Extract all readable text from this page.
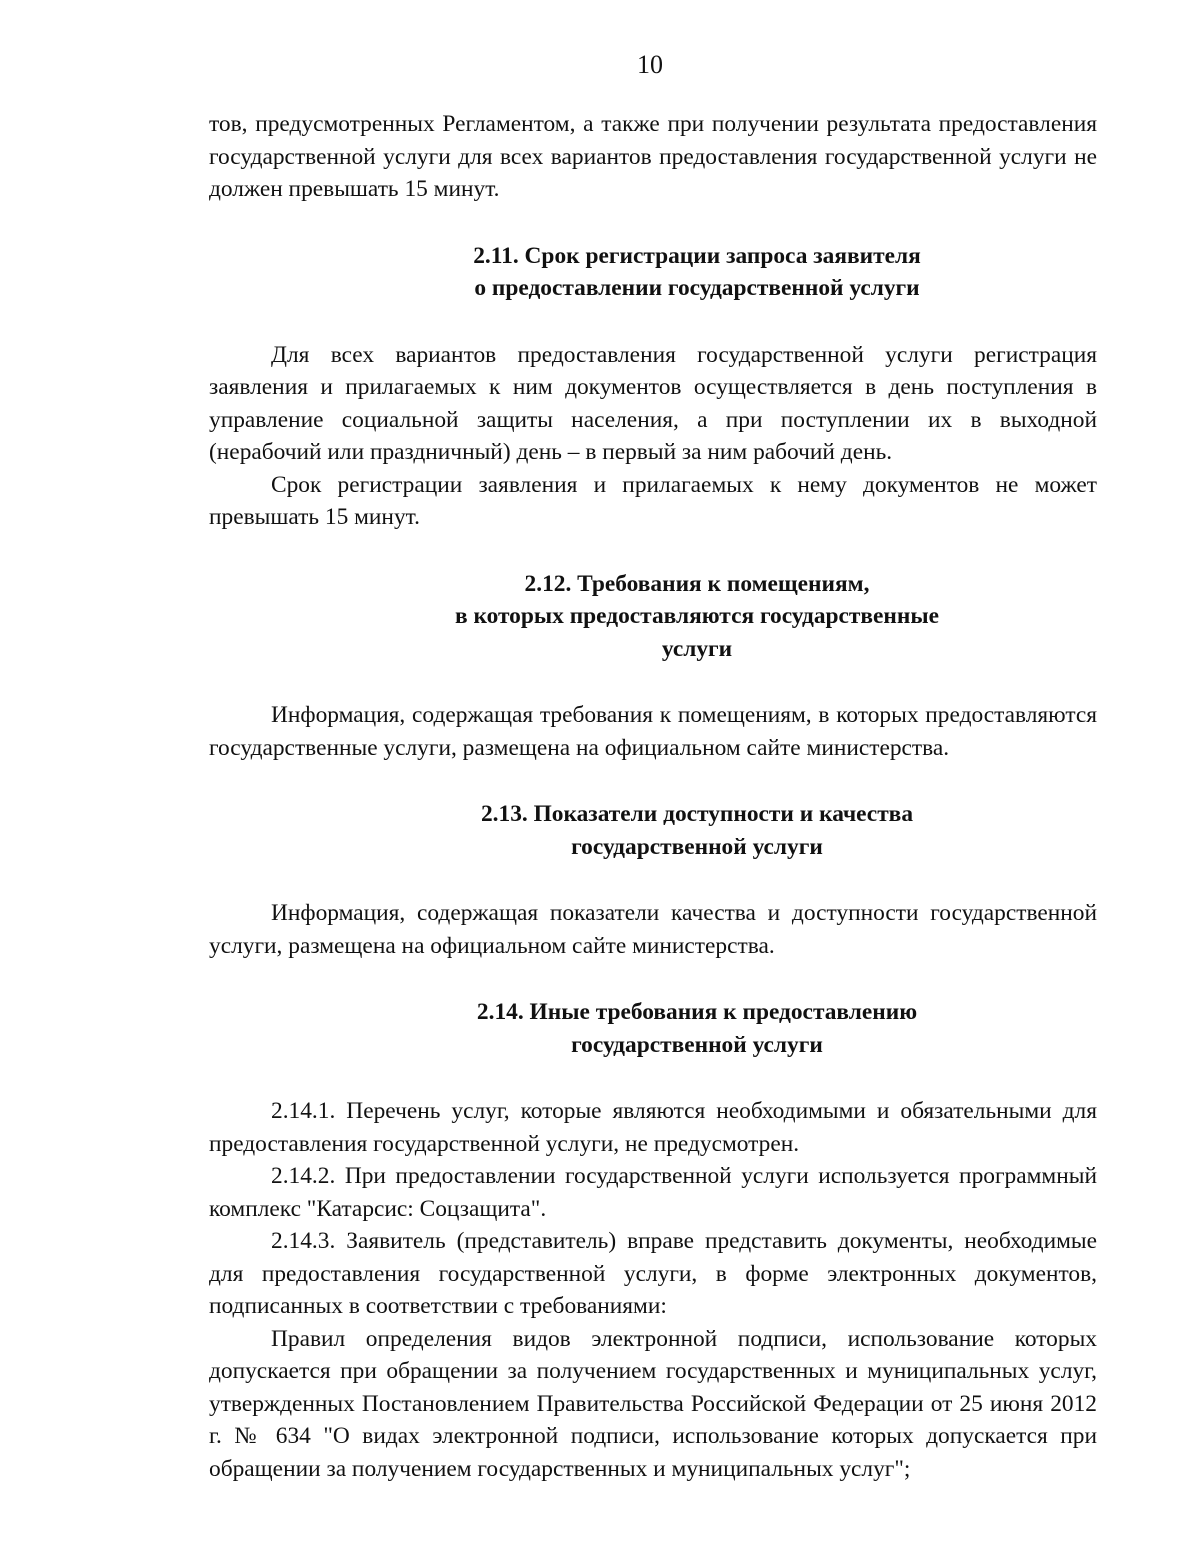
10

тов, предусмотренных Регламентом, а также при получении результата предоставления государственной услуги для всех вариантов предоставления государственной услуги не должен превышать 15 минут.

2.11. Срок регистрации запроса заявителя
о предоставлении государственной услуги

Для всех вариантов предоставления государственной услуги регистрация заявления и прилагаемых к ним документов осуществляется в день поступления в управление социальной защиты населения, а при поступлении их в выходной (нерабочий или праздничный) день – в первый за ним рабочий день.

Срок регистрации заявления и прилагаемых к нему документов не может превышать 15 минут.

2.12. Требования к помещениям,
в которых предоставляются государственные
услуги

Информация, содержащая требования к помещениям, в которых предоставляются государственные услуги, размещена на официальном сайте министерства.

2.13. Показатели доступности и качества
государственной услуги

Информация, содержащая показатели качества и доступности государственной услуги, размещена на официальном сайте министерства.

2.14. Иные требования к предоставлению
государственной услуги

2.14.1. Перечень услуг, которые являются необходимыми и обязательными для предоставления государственной услуги, не предусмотрен.

2.14.2. При предоставлении государственной услуги используется программный комплекс "Катарсис: Соцзащита".

2.14.3. Заявитель (представитель) вправе представить документы, необходимые для предоставления государственной услуги, в форме электронных документов, подписанных в соответствии с требованиями:

Правил определения видов электронной подписи, использование которых допускается при обращении за получением государственных и муниципальных услуг, утвержденных Постановлением Правительства Российской Федерации от 25 июня 2012 г. № 634 "О видах электронной подписи, использование которых допускается при обращении за получением государственных и муниципальных услуг";
